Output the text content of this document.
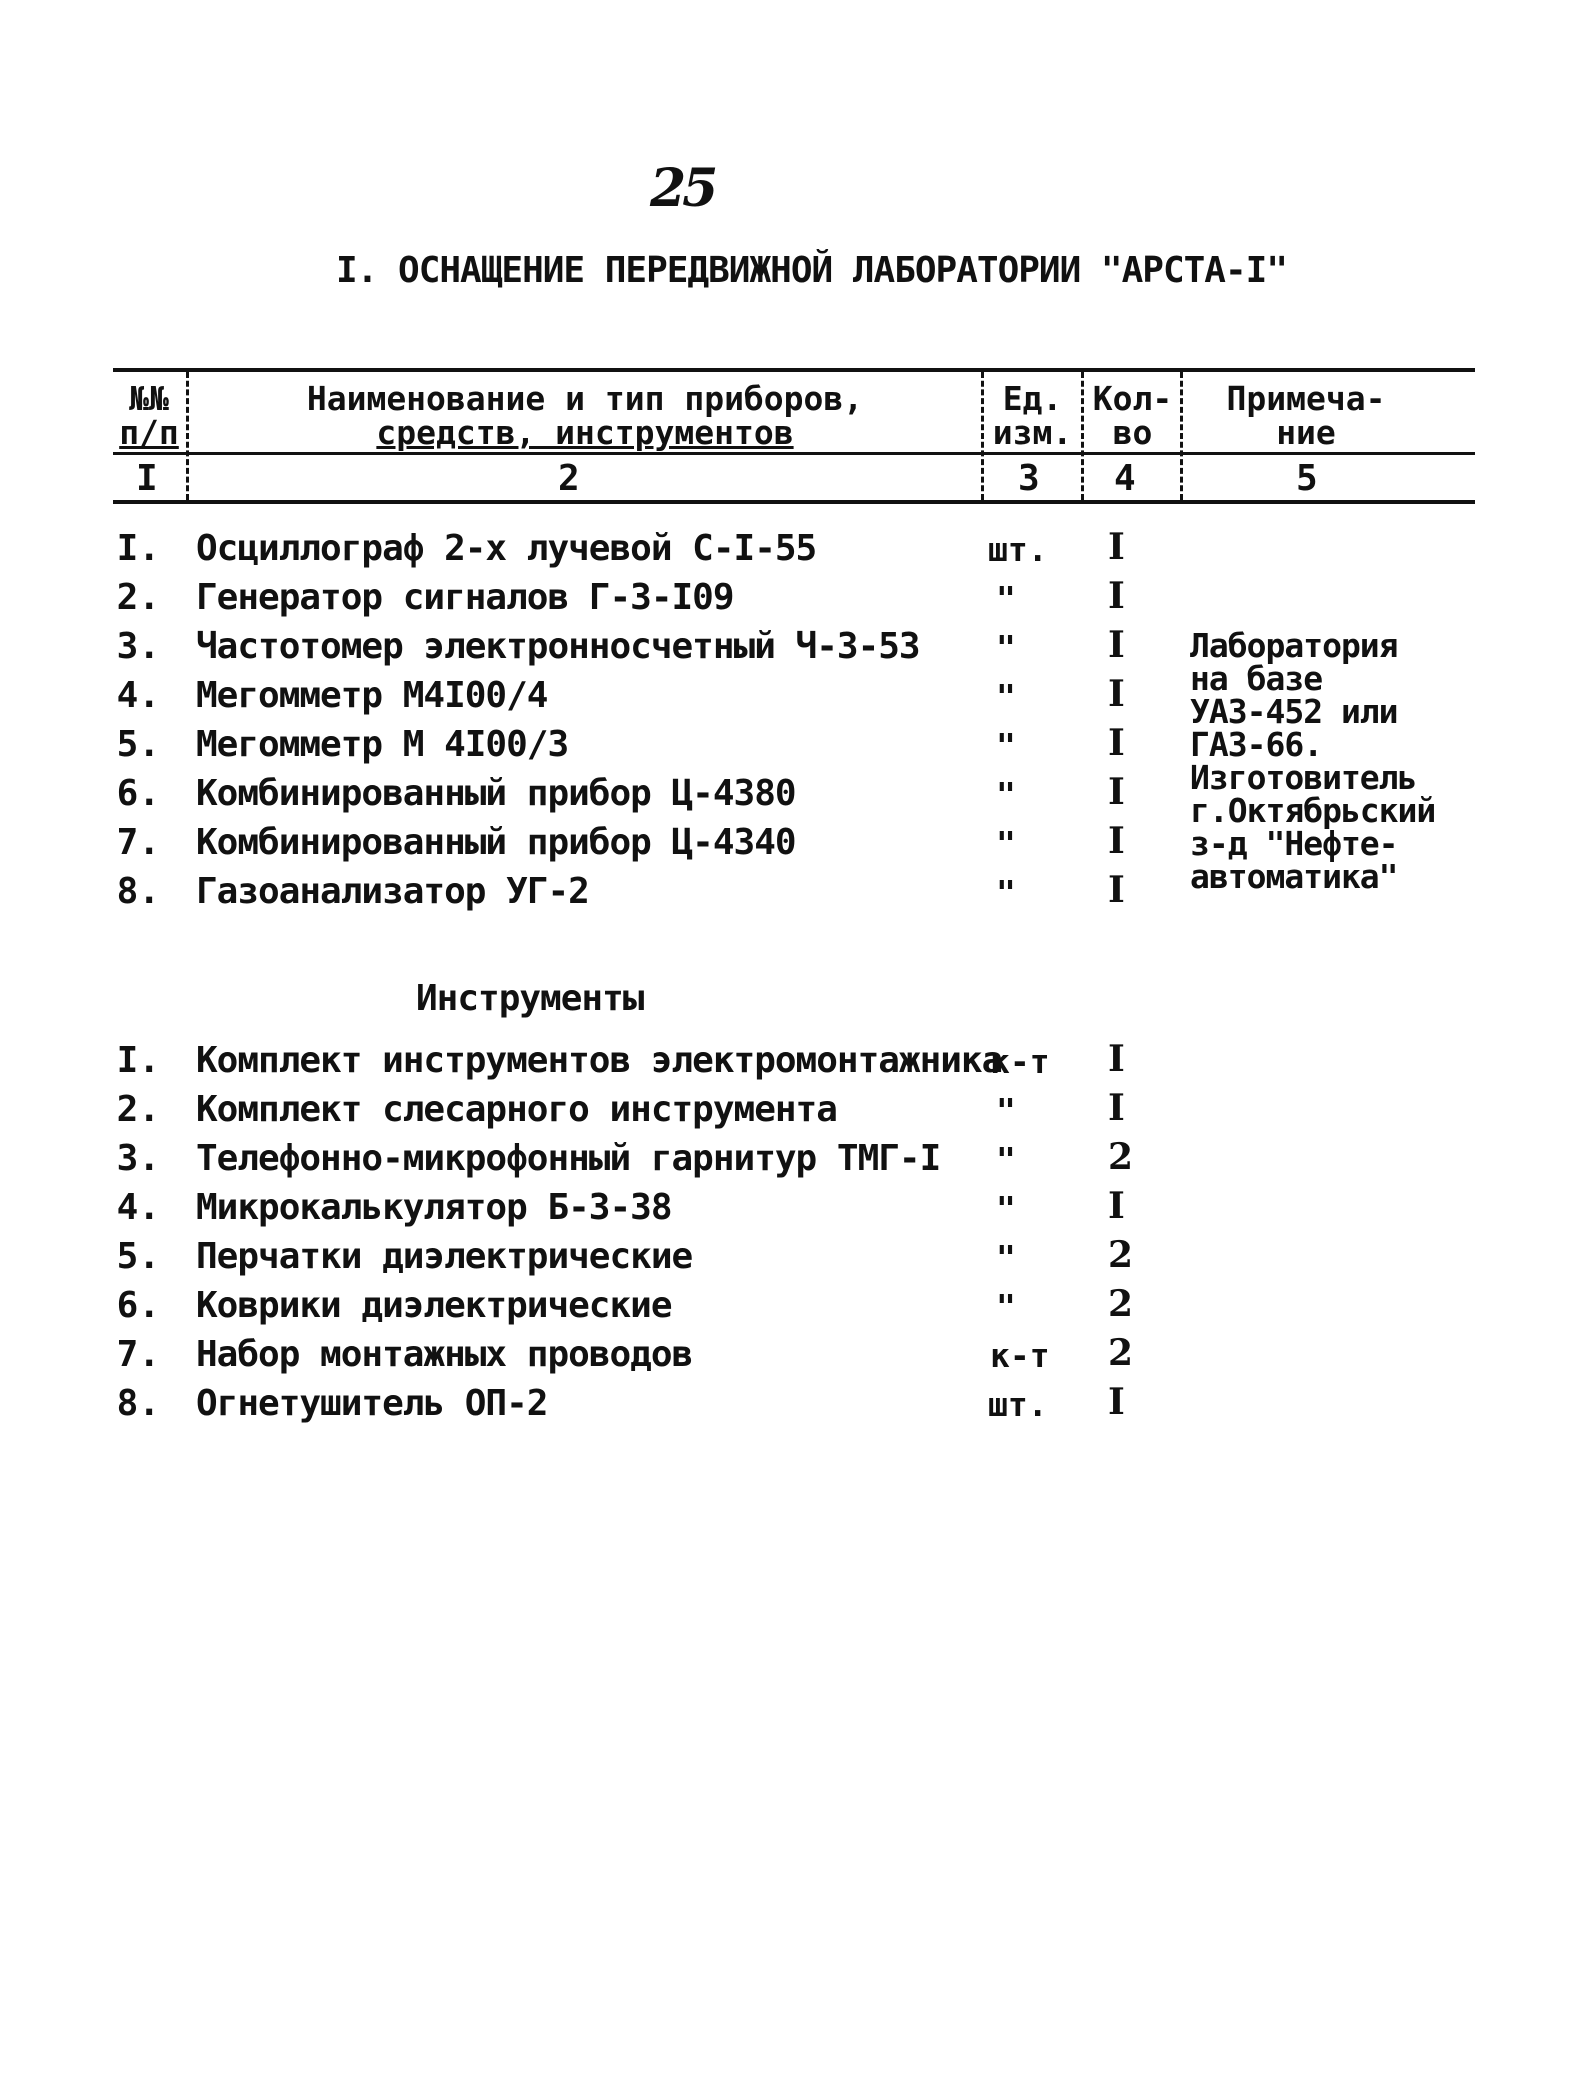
25
I. ОСНАЩЕНИЕ ПЕРЕДВИЖНОЙ ЛАБОРАТОРИИ "АРСТА-I"
№№
п/п
Наименование и тип приборов,
средств, инструментов
Ед.
изм.
Кол-
во
Примеча-
ние
I	2	3 4	5
I. Осциллограф 2-х лучевой С-I-55	шт. I
2. Генератор сигналов Г-3-I09	"	I
3. Частотомер электронносчетный Ч-3-53 "	I
4. Мегомметр М4I00/4	"	I
5. Мегомметр М 4I00/3	"	I
6. Комбинированный прибор Ц-4380	"	I
7. Комбинированный прибор Ц-4340	"	I
8. Газоанализатор УГ-2	"	I
Лаборатория
на базе
УАЗ-452 или
ГАЗ-66.
Изготовитель
г.Октябрьский
з-д "Нефте-
автоматика"
Инструменты
I. Комплект инструментов электромонтажника
к-т I
2. Комплект слесарного инструмента	"	I
3. Телефонно-микрофонный гарнитур ТМГ-I "	2
4. Микрокалькулятор Б-3-38	"	I
5. Перчатки диэлектрические	"	2
6. Коврики диэлектрические	"	2
7. Набор монтажных проводов	к-т 2
8. Огнетушитель ОП-2	шт. I
